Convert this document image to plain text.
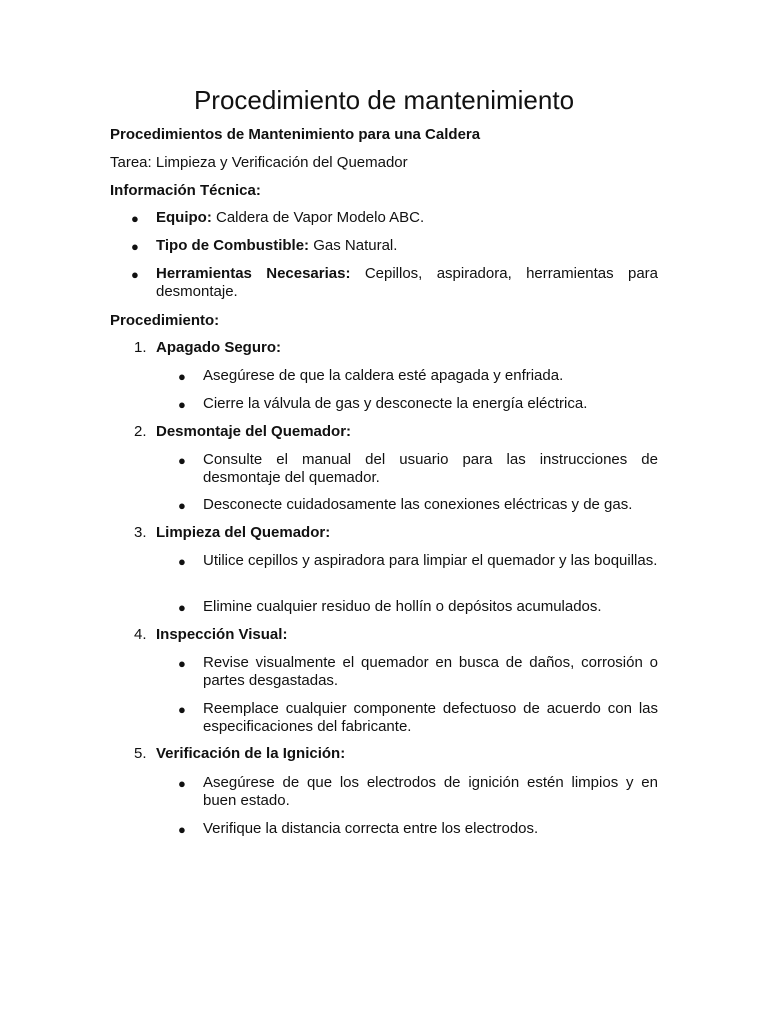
Procedimiento de mantenimiento

Procedimientos de Mantenimiento para una Caldera

Tarea: Limpieza y Verificación del Quemador

Información Técnica:

● Equipo: Caldera de Vapor Modelo ABC.

● Tipo de Combustible: Gas Natural.

● Herramientas Necesarias: Cepillos, aspiradora, herramientas para desmontaje.

Procedimiento:

1. Apagado Seguro:

● Asegúrese de que la caldera esté apagada y enfriada.

● Cierre la válvula de gas y desconecte la energía eléctrica.

2. Desmontaje del Quemador:

● Consulte el manual del usuario para las instrucciones de desmontaje del quemador.

● Desconecte cuidadosamente las conexiones eléctricas y de gas.

3. Limpieza del Quemador:

● Utilice cepillos y aspiradora para limpiar el quemador y las boquillas.

● Elimine cualquier residuo de hollín o depósitos acumulados.

4. Inspección Visual:

● Revise visualmente el quemador en busca de daños, corrosión o partes desgastadas.

● Reemplace cualquier componente defectuoso de acuerdo con las especificaciones del fabricante.

5. Verificación de la Ignición:

● Asegúrese de que los electrodos de ignición estén limpios y en buen estado.

● Verifique la distancia correcta entre los electrodos.
